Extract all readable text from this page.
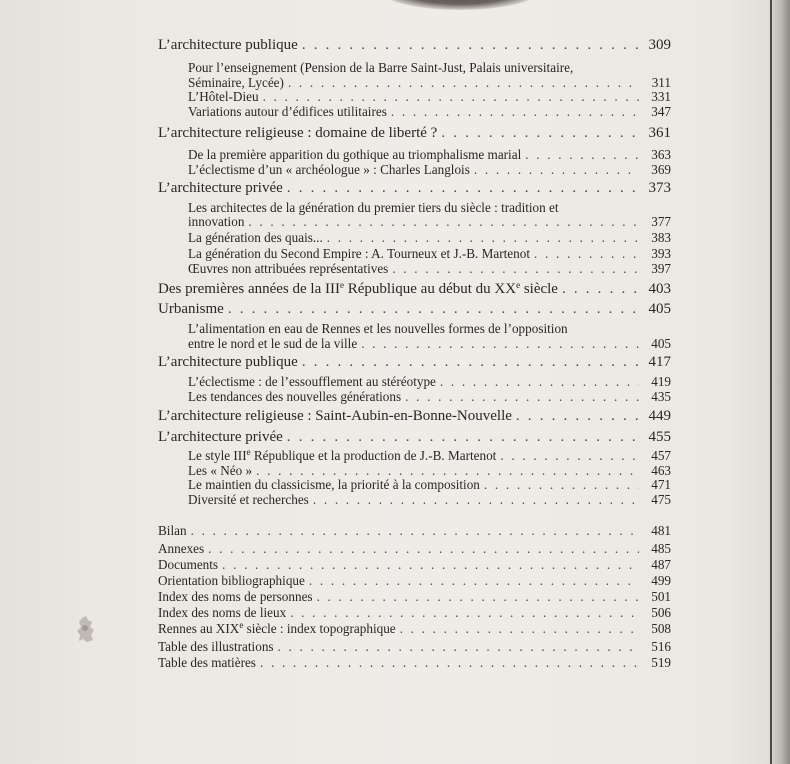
L’architecture publique . . .	309
Pour l’enseignement (Pension de la Barre Saint-Just, Palais universitaire,
Séminaire, Lycée) . . .	311
L’Hôtel-Dieu . . .	331
Variations autour d’édifices utilitaires . . .	347
L’architecture religieuse : domaine de liberté ? . . .	361
De la première apparition du gothique au triomphalisme marial . . .	363
L’éclectisme d’un « archéologue » : Charles Langlois . . .	369
L’architecture privée . . .	373
Les architectes de la génération du premier tiers du siècle : tradition et
innovation . . .	377
La génération des quais... . . .	383
La génération du Second Empire : A. Tourneux et J.-B. Martenot . . .	393
Œuvres non attribuées représentatives . . .	397
Des premières années de la IIIe République au début du XXe siècle . . .	403
Urbanisme . . .	405
L’alimentation en eau de Rennes et les nouvelles formes de l’opposition
entre le nord et le sud de la ville . . .	405
L’architecture publique . . .	417
L’éclectisme : de l’essoufflement au stéréotype . . .	419
Les tendances des nouvelles générations . . .	435
L’architecture religieuse : Saint-Aubin-en-Bonne-Nouvelle . . .	449
L’architecture privée . . .	455
Le style IIIe République et la production de J.-B. Martenot . . .	457
Les « Néo » . . .	463
Le maintien du classicisme, la priorité à la composition . . .	471
Diversité et recherches . . .	475
Bilan . . .	481
Annexes . . .	485
Documents . . .	487
Orientation bibliographique . . .	499
Index des noms de personnes . . .	501
Index des noms de lieux . . .	506
Rennes au XIXe siècle : index topographique . . .	508
Table des illustrations . . .	516
Table des matières . . .	519
